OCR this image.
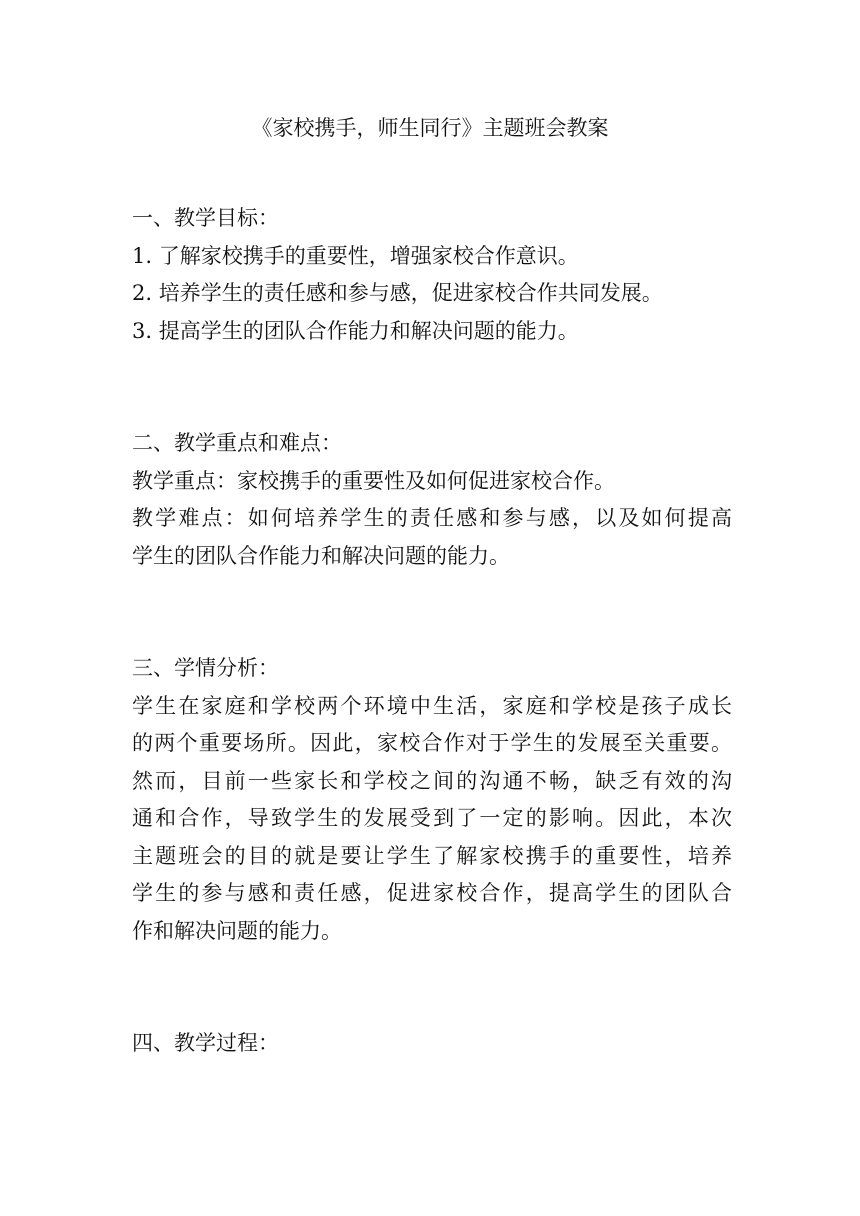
《家校携手，师生同行》主题班会教案
一、教学目标：
1. 了解家校携手的重要性，增强家校合作意识。
2. 培养学生的责任感和参与感，促进家校合作共同发展。
3. 提高学生的团队合作能力和解决问题的能力。
二、教学重点和难点：
教学重点：家校携手的重要性及如何促进家校合作。
教学难点：如何培养学生的责任感和参与感，以及如何提高
学生的团队合作能力和解决问题的能力。
三、学情分析：
学生在家庭和学校两个环境中生活，家庭和学校是孩子成长
的两个重要场所。因此，家校合作对于学生的发展至关重要。
然而，目前一些家长和学校之间的沟通不畅，缺乏有效的沟
通和合作，导致学生的发展受到了一定的影响。因此，本次
主题班会的目的就是要让学生了解家校携手的重要性，培养
学生的参与感和责任感，促进家校合作，提高学生的团队合
作和解决问题的能力。
四、教学过程：
